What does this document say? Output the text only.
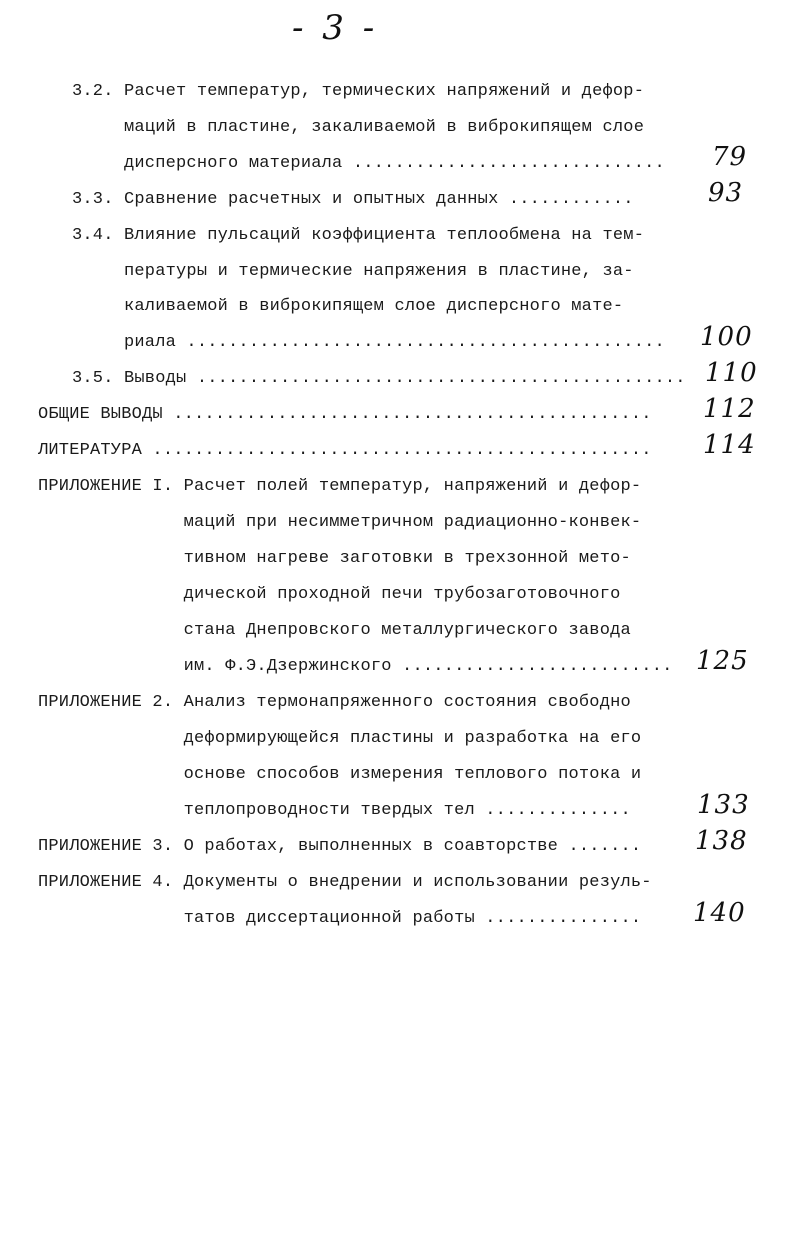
- 3 -
3.2. Расчет температур, термических напряжений и дефор-
маций в пластине, закаливаемой в виброкипящем слое
дисперсного материала .............................. 79
3.3. Сравнение расчетных и опытных данных ............	93
3.4. Влияние пульсаций коэффициента теплообмена на тем-
пературы и термические напряжения в пластине, за-
каливаемой в виброкипящем слое дисперсного мате-
риала .............................................. 100
3.5. Выводы ............................................... 110
ОБЩИЕ ВЫВОДЫ .............................................. 112
ЛИТЕРАТУРА ................................................ 114
ПРИЛОЖЕНИЕ I. Расчет полей температур, напряжений и дефор-
маций при несимметричном радиационно-конвек-
тивном нагреве заготовки в трехзонной мето-
дической проходной печи трубозаготовочного
стана Днепровского металлургического завода
им. Ф.Э.Дзержинского .......................... 125
ПРИЛОЖЕНИЕ 2. Анализ термонапряженного состояния свободно
деформирующейся пластины и разработка на его
основе способов измерения теплового потока и
теплопроводности твердых тел ..............	133
ПРИЛОЖЕНИЕ 3. О работах, выполненных в соавторстве ....... 138
ПРИЛОЖЕНИЕ 4. Документы о внедрении и использовании резуль-
татов диссертационной работы ............... 140
